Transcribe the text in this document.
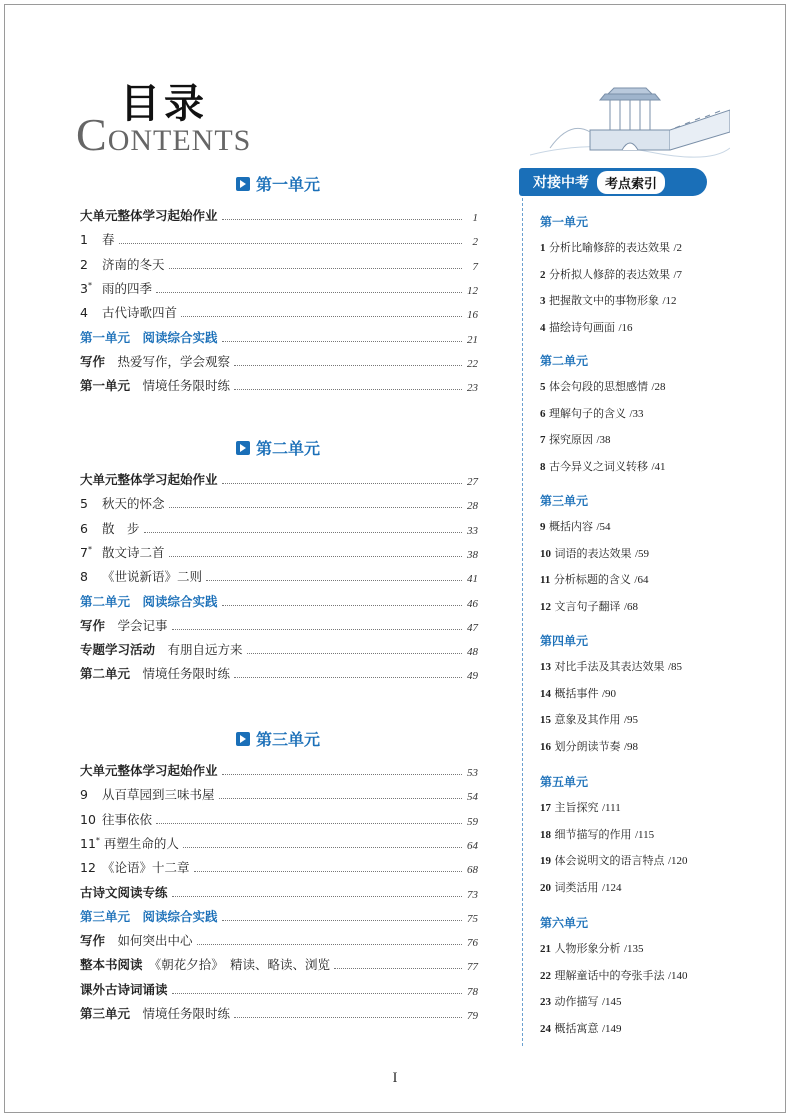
目录
CONTENTS
第一单元
大单元整体学习起始作业	1
1 春	2
2 济南的冬天	7
3* 雨的四季	12
4 古代诗歌四首	16
第一单元　阅读综合实践	21
写作　热爱写作，学会观察	22
第一单元　情境任务限时练	23
第二单元
大单元整体学习起始作业	27
5 秋天的怀念	28
6 散　步	33
7* 散文诗二首	38
8 《世说新语》二则	41
第二单元　阅读综合实践	46
写作　学会记事	47
专题学习活动　有朋自远方来	48
第二单元　情境任务限时练	49
第三单元
大单元整体学习起始作业	53
9 从百草园到三味书屋	54
10 往事依依	59
11* 再塑生命的人	64
12 《论语》十二章	68
古诗文阅读专练	73
第三单元　阅读综合实践	75
写作　如何突出中心	76
整本书阅读　《朝花夕拾》　精读、略读、浏览	77
课外古诗词诵读	78
第三单元　情境任务限时练	79
对接中考	考点索引
第一单元
1 分析比喻修辞的表达效果 /2
2 分析拟人修辞的表达效果 /7
3 把握散文中的事物形象 /12
4 描绘诗句画面 /16
第二单元
5 体会句段的思想感情 /28
6 理解句子的含义 /33
7 探究原因 /38
8 古今异义之词义转移 /41
第三单元
9 概括内容 /54
10 词语的表达效果 /59
11 分析标题的含义 /64
12 文言句子翻译 /68
第四单元
13 对比手法及其表达效果 /85
14 概括事件 /90
15 意象及其作用 /95
16 划分朗读节奏 /98
第五单元
17 主旨探究 /111
18 细节描写的作用 /115
19 体会说明文的语言特点 /120
20 词类活用 /124
第六单元
21 人物形象分析 /135
22 理解童话中的夸张手法 /140
23 动作描写 /145
24 概括寓意 /149
I
